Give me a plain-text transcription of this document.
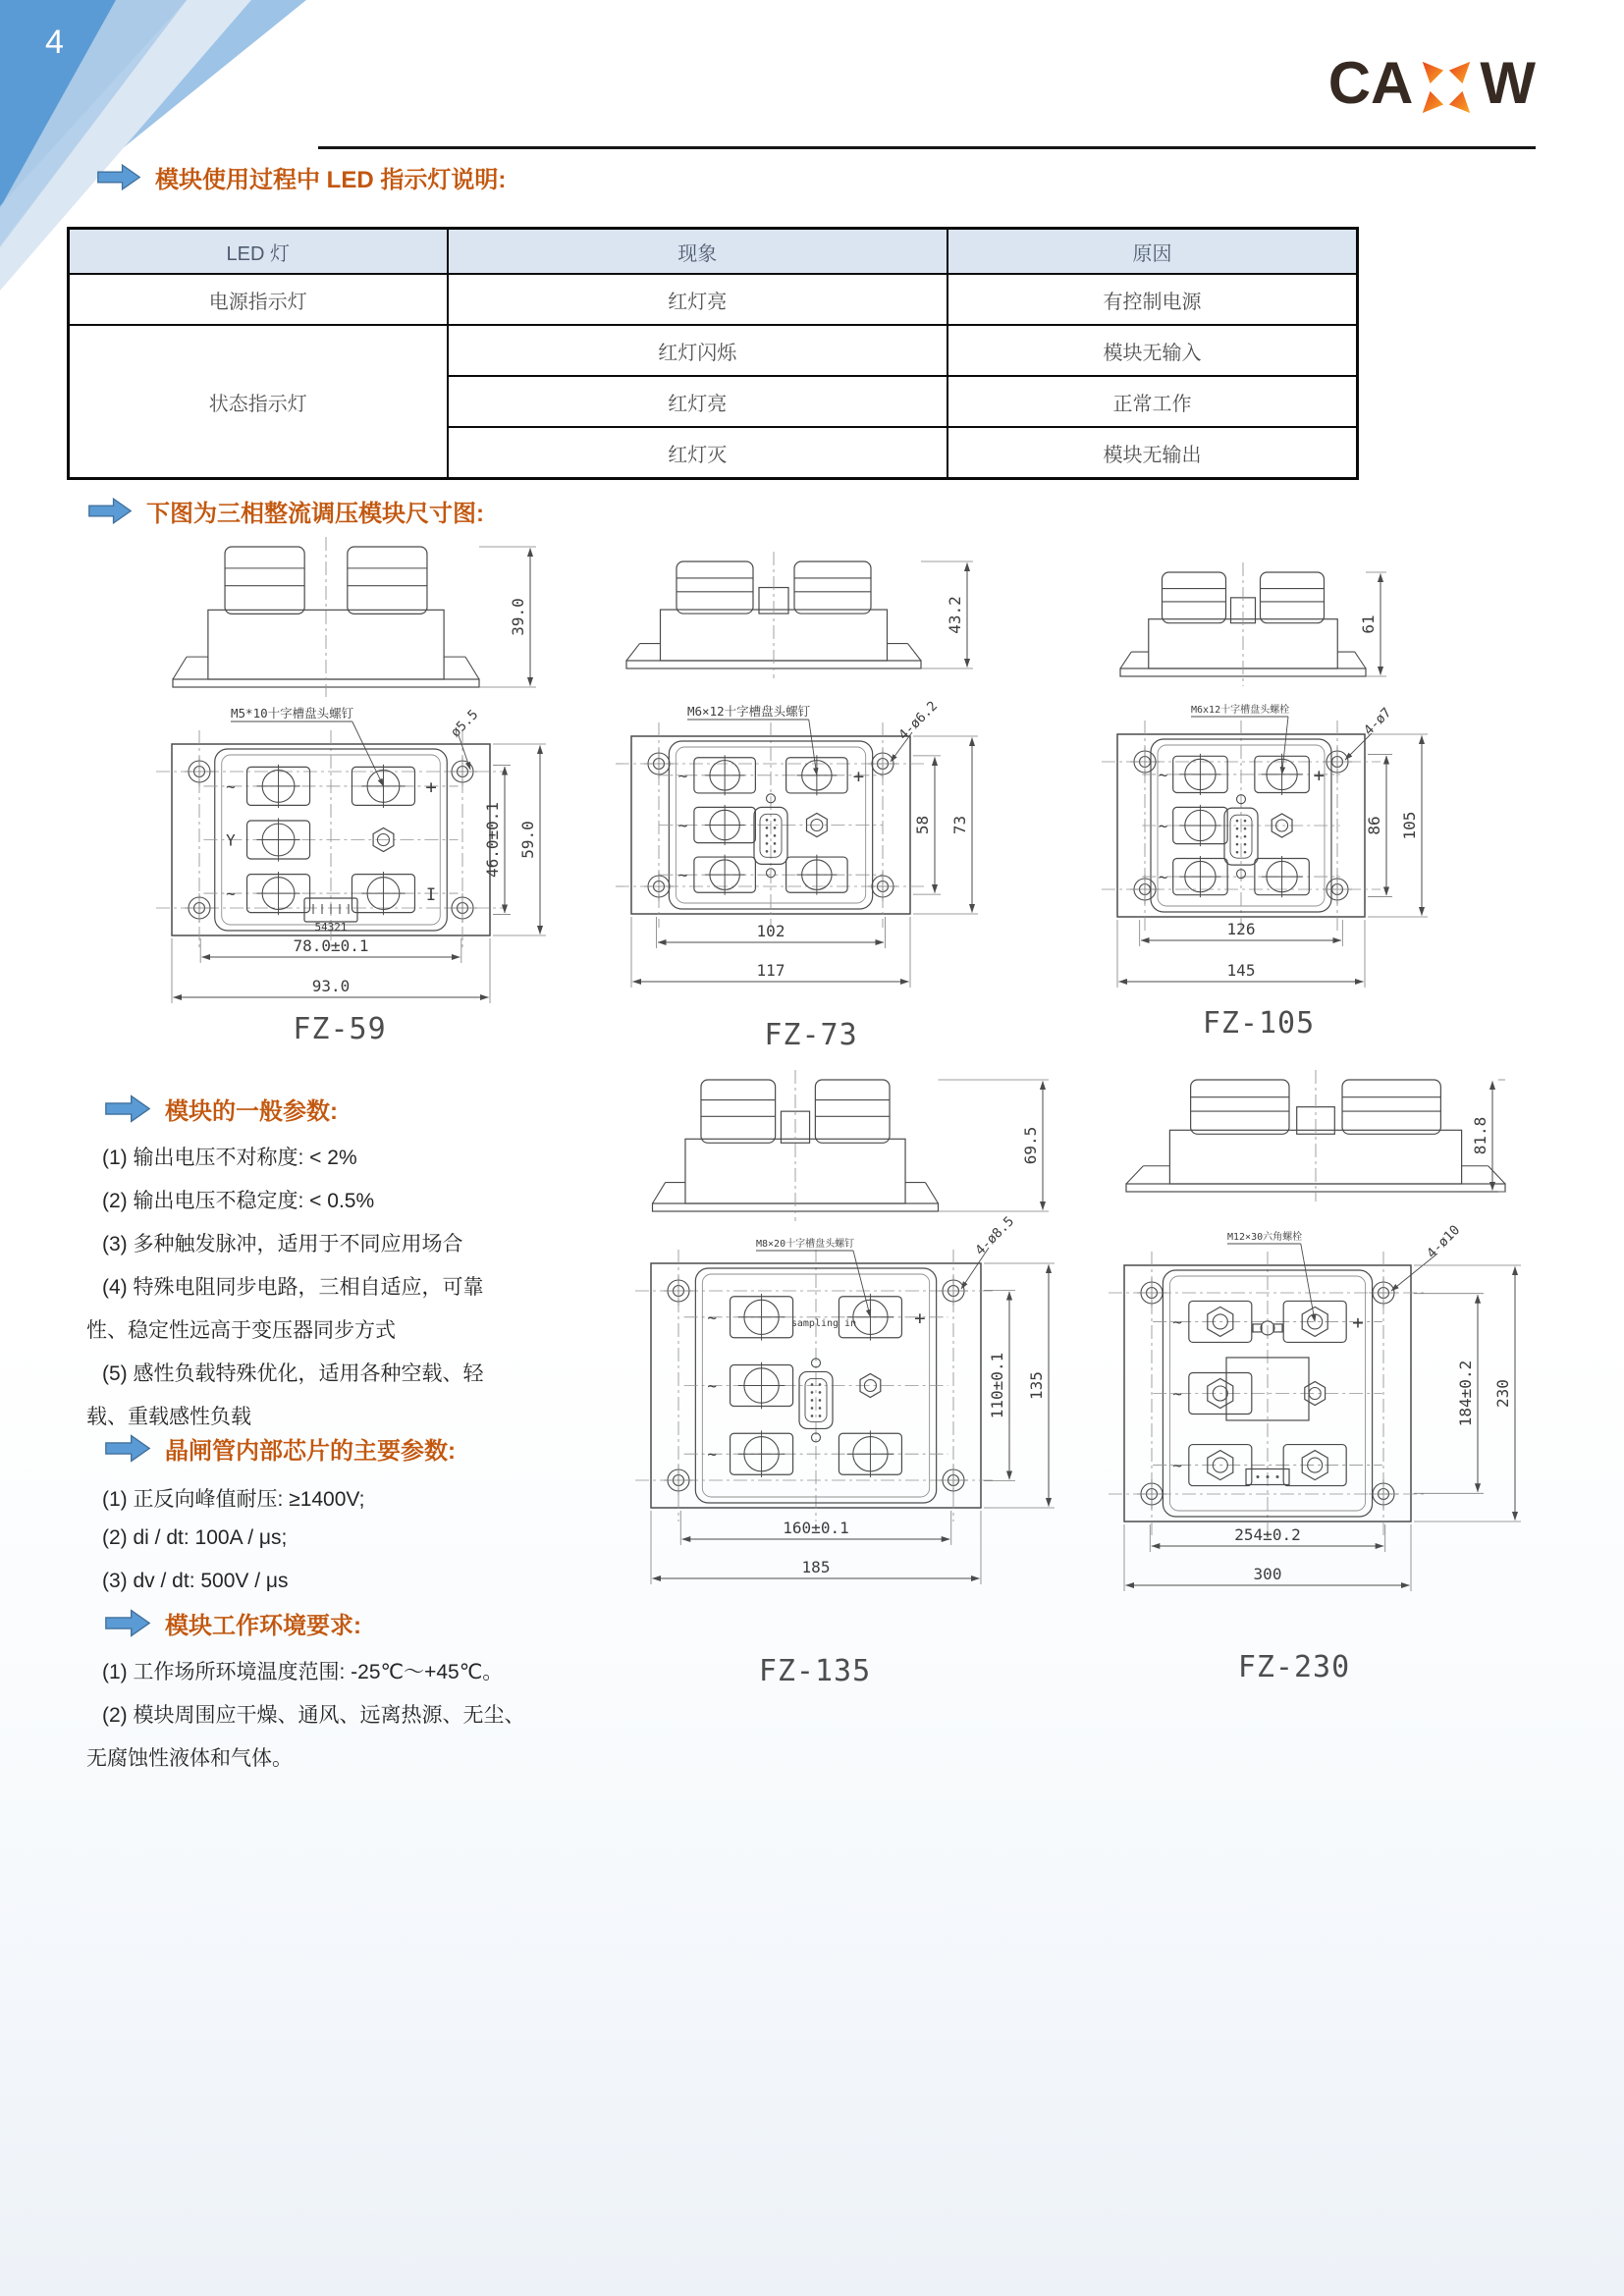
4
CA W
模块使用过程中 LED 指示灯说明:
下图为三相整流调压模块尺寸图:
LED 灯	现象	原因
电源指示灯	红灯亮	有控制电源
状态指示灯	红灯闪烁	模块无输入
	红灯亮	正常工作
	红灯灭	模块无输出
39.0
~
Y
~
+
I
54321
M5*10十字槽盘头螺钉	ø5.5
78.0±0.1
93.0
46.0±0.1 59.0
FZ-59
43.2
~
~
~
+
M6×12十字槽盘头螺钉	4-ø6.2
102
117
58 73
FZ-73
61
~
~
~
+
M6x12十字槽盘头螺栓	4-ø7
126
145
86 105
FZ-105
69.5
~
~
~
+
sampling in
M8×20十字槽盘头螺钉	4-ø8.5
160±0.1
185
110±0.1 135
FZ-135
81.8
~
~
~
+
M12×30六角螺栓	4-ø10
254±0.2
300
184±0.2 230
FZ-230
模块的一般参数:
(1) 输出电压不对称度: < 2%
(2) 输出电压不稳定度: < 0.5%
(3) 多种触发脉冲，适用于不同应用场合
(4) 特殊电阻同步电路，三相自适应，可靠
性、稳定性远高于变压器同步方式
(5) 感性负载特殊优化，适用各种空载、轻
载、重载感性负载
晶闸管内部芯片的主要参数:
(1) 正反向峰值耐压: ≥1400V;
(2) di / dt: 100A / μs;
(3) dv / dt: 500V / μs
模块工作环境要求:
(1) 工作场所环境温度范围: -25℃～+45℃。
(2) 模块周围应干燥、通风、远离热源、无尘、
无腐蚀性液体和气体。
